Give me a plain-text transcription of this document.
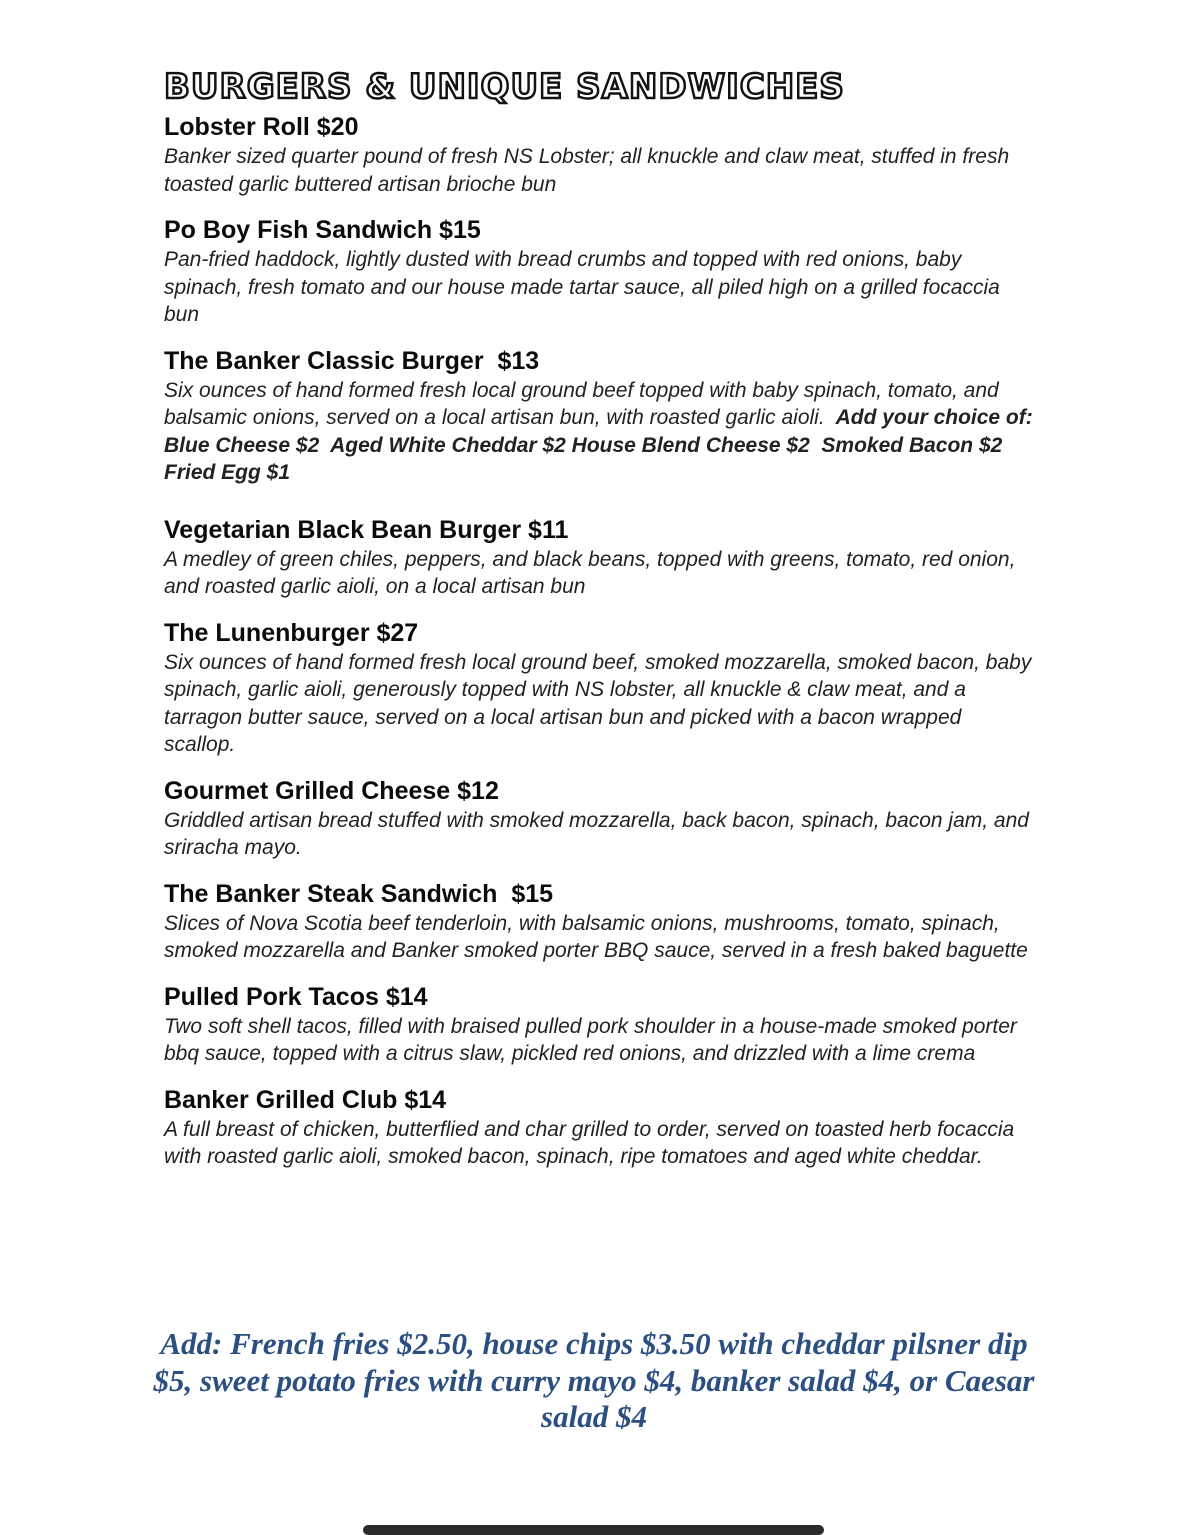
BURGERS & UNIQUE SANDWICHES
Lobster Roll $20
Banker sized quarter pound of fresh NS Lobster; all knuckle and claw meat, stuffed in fresh toasted garlic buttered artisan brioche bun
Po Boy Fish Sandwich $15
Pan-fried haddock, lightly dusted with bread crumbs and topped with red onions, baby spinach, fresh tomato and our house made tartar sauce, all piled high on a grilled focaccia bun
The Banker Classic Burger  $13
Six ounces of hand formed fresh local ground beef topped with baby spinach, tomato, and balsamic onions, served on a local artisan bun, with roasted garlic aioli.  Add your choice of: Blue Cheese $2  Aged White Cheddar $2 House Blend Cheese $2  Smoked Bacon $2  Fried Egg $1
Vegetarian Black Bean Burger $11
A medley of green chiles, peppers, and black beans, topped with greens, tomato, red onion, and roasted garlic aioli, on a local artisan bun
The Lunenburger $27
Six ounces of hand formed fresh local ground beef, smoked mozzarella, smoked bacon, baby spinach, garlic aioli, generously topped with NS lobster, all knuckle & claw meat, and a tarragon butter sauce, served on a local artisan bun and picked with a bacon wrapped scallop.
Gourmet Grilled Cheese $12
Griddled artisan bread stuffed with smoked mozzarella, back bacon, spinach, bacon jam, and sriracha mayo.
The Banker Steak Sandwich  $15
Slices of Nova Scotia beef tenderloin, with balsamic onions, mushrooms, tomato, spinach, smoked mozzarella and Banker smoked porter BBQ sauce, served in a fresh baked baguette
Pulled Pork Tacos $14
Two soft shell tacos, filled with braised pulled pork shoulder in a house-made smoked porter bbq sauce, topped with a citrus slaw, pickled red onions, and drizzled with a lime crema
Banker Grilled Club $14
A full breast of chicken, butterflied and char grilled to order, served on toasted herb focaccia with roasted garlic aioli, smoked bacon, spinach, ripe tomatoes and aged white cheddar.
Add: French fries $2.50, house chips $3.50 with cheddar pilsner dip $5, sweet potato fries with curry mayo $4, banker salad $4, or Caesar salad $4
